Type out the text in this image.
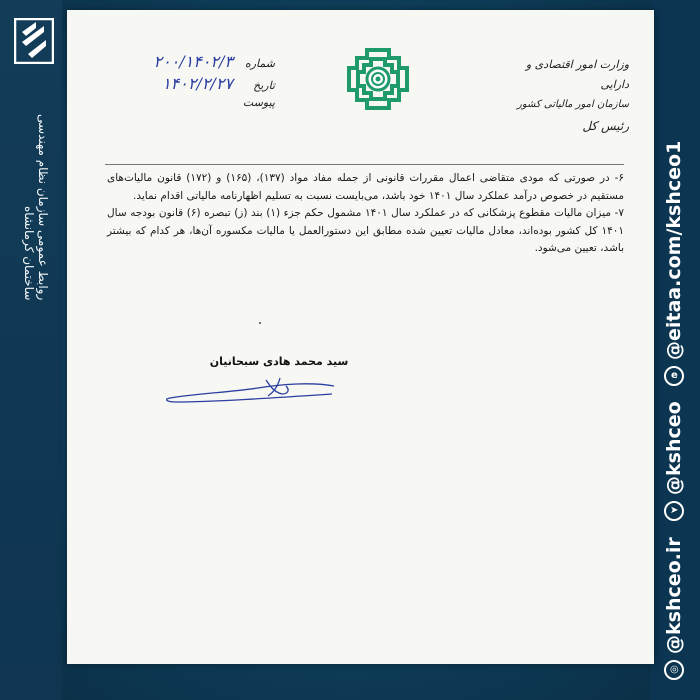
روابط عمومی سازمان نظام مهندسی ساختمان کرمانشاه
◎
@kshceo.ir
➤
@kshceo
e
@eitaa.com/kshceo1
وزارت امور اقتصادی و دارایی
سازمان امور مالیاتی کشور
رئیس کل
شماره
۲۰۰/۱۴۰۲/۳
تاریخ
۱۴۰۲/۲/۲۷
پیوست

۶- در صورتی که مودی متقاضی اعمال مقررات قانونی از جمله مفاد مواد (۱۳۷)، (۱۶۵) و (۱۷۲) قانون مالیات‌های مستقیم در خصوص درآمد عملکرد سال ۱۴۰۱ خود باشد، می‌بایست نسبت به تسلیم اظهارنامه مالیاتی اقدام نماید.

۷- میزان مالیات مقطوع پزشکانی که در عملکرد سال ۱۴۰۱ مشمول حکم جزء (۱) بند (ز) تبصره (۶) قانون بودجه سال ۱۴۰۱ کل کشور بوده‌اند، معادل مالیات تعیین شده مطابق این دستورالعمل یا مالیات مکسوره آن‌ها، هر کدام که بیشتر باشد، تعیین می‌شود.

سید محمد هادی سبحانیان
